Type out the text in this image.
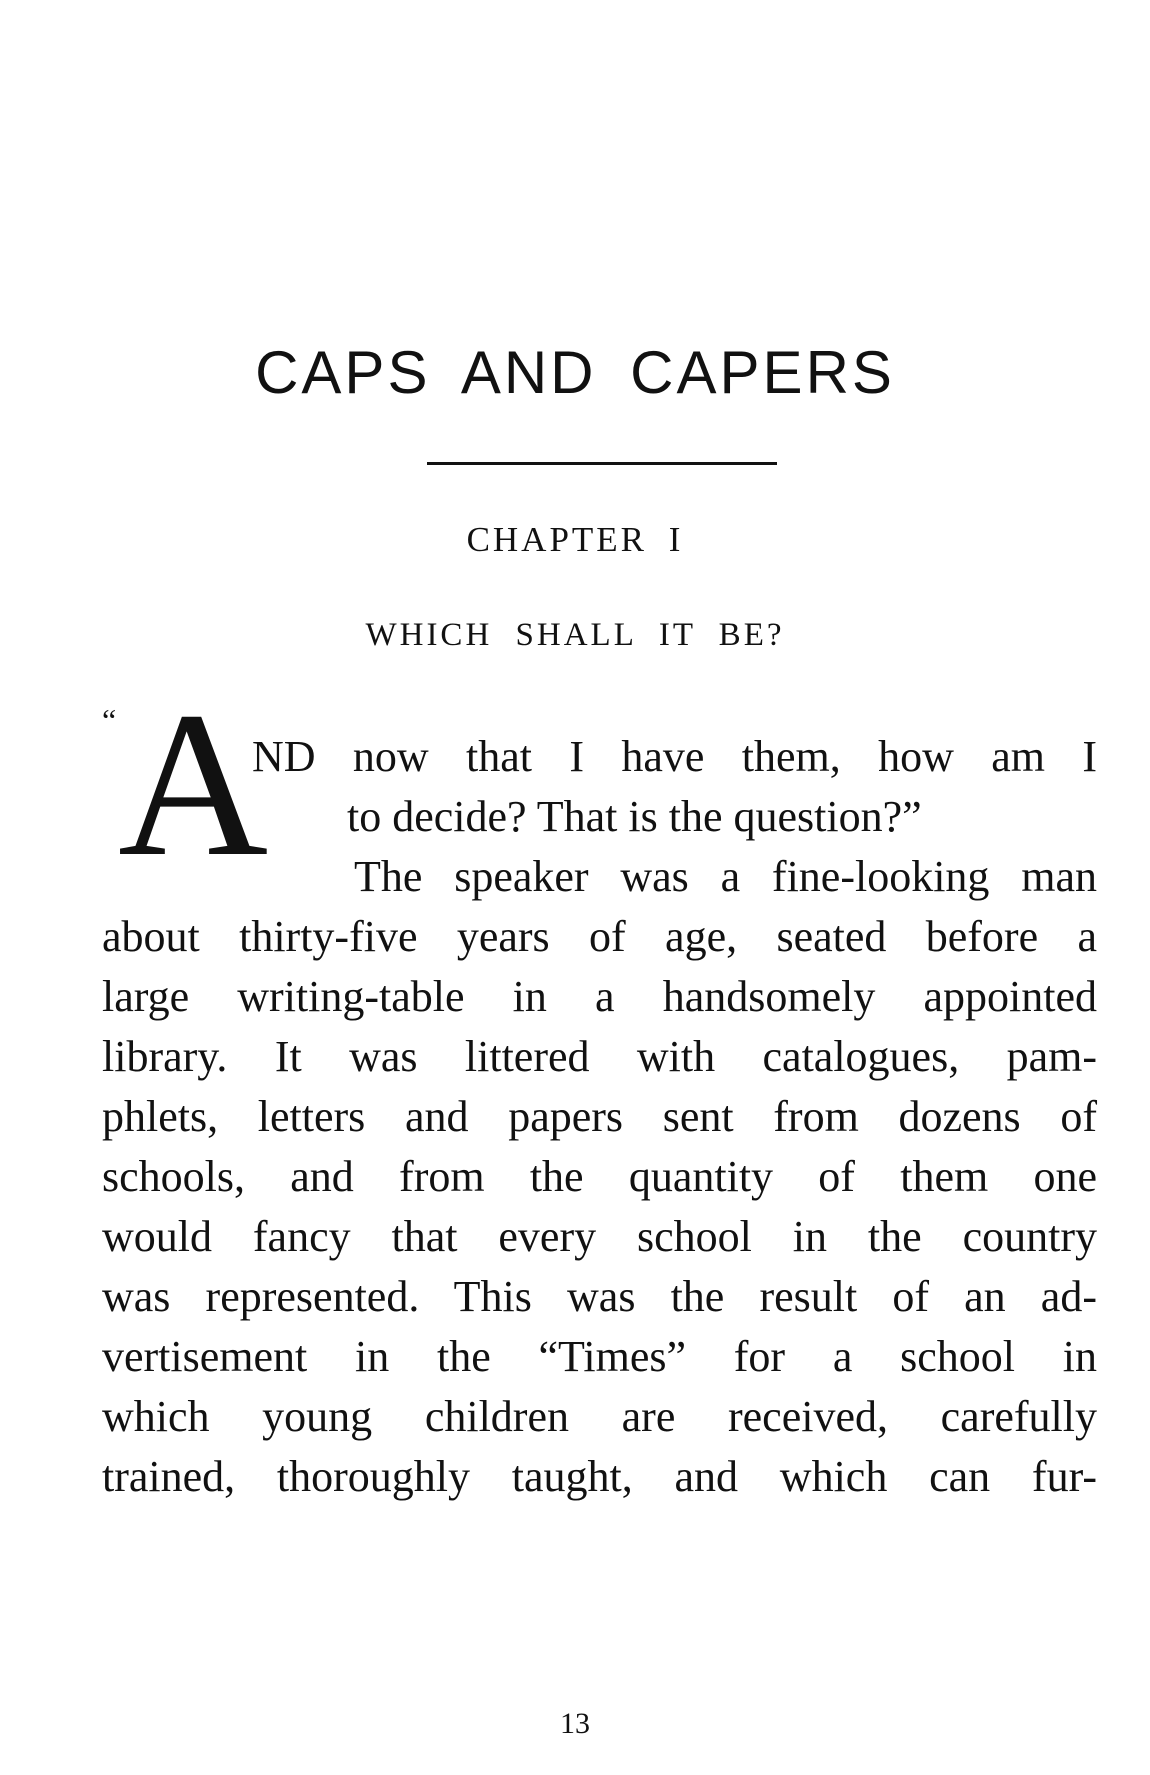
CAPS AND CAPERS

CHAPTER I

WHICH SHALL IT BE?

“ A

ND now that I have them, how am I

to decide? That is the question?”

The speaker was a fine-looking man

about thirty-five years of age, seated before a

large writing-table in a handsomely appointed

library. It was littered with catalogues, pam-

phlets, letters and papers sent from dozens of

schools, and from the quantity of them one

would fancy that every school in the country

was represented. This was the result of an ad-

vertisement in the “Times” for a school in

which young children are received, carefully

trained, thoroughly taught, and which can fur-

13
